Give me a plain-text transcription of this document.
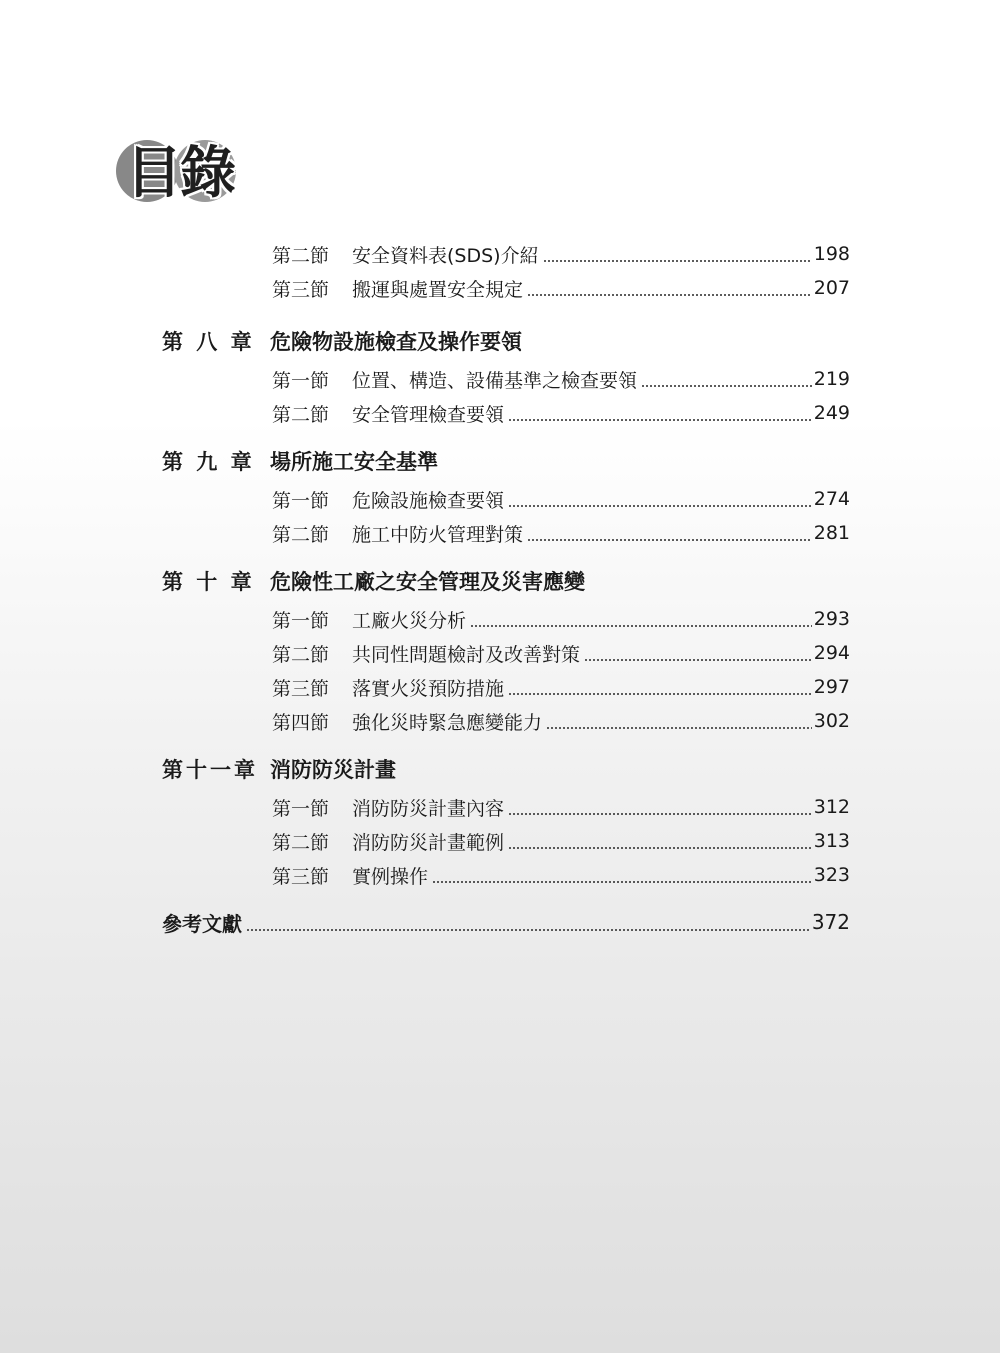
目錄
第二節	安全資料表(SDS)介紹	198
第三節	搬運與處置安全規定	207
第 八 章 危險物設施檢查及操作要領
第一節	位置、構造、設備基準之檢查要領	219
第二節	安全管理檢查要領	249
第 九 章 場所施工安全基準
第一節	危險設施檢查要領	274
第二節	施工中防火管理對策	281
第 十 章 危險性工廠之安全管理及災害應變
第一節	工廠火災分析	293
第二節	共同性問題檢討及改善對策	294
第三節	落實火災預防措施	297
第四節	強化災時緊急應變能力	302
第十一章 消防防災計畫
第一節	消防防災計畫內容	312
第二節	消防防災計畫範例	313
第三節	實例操作	323
參考文獻	372
